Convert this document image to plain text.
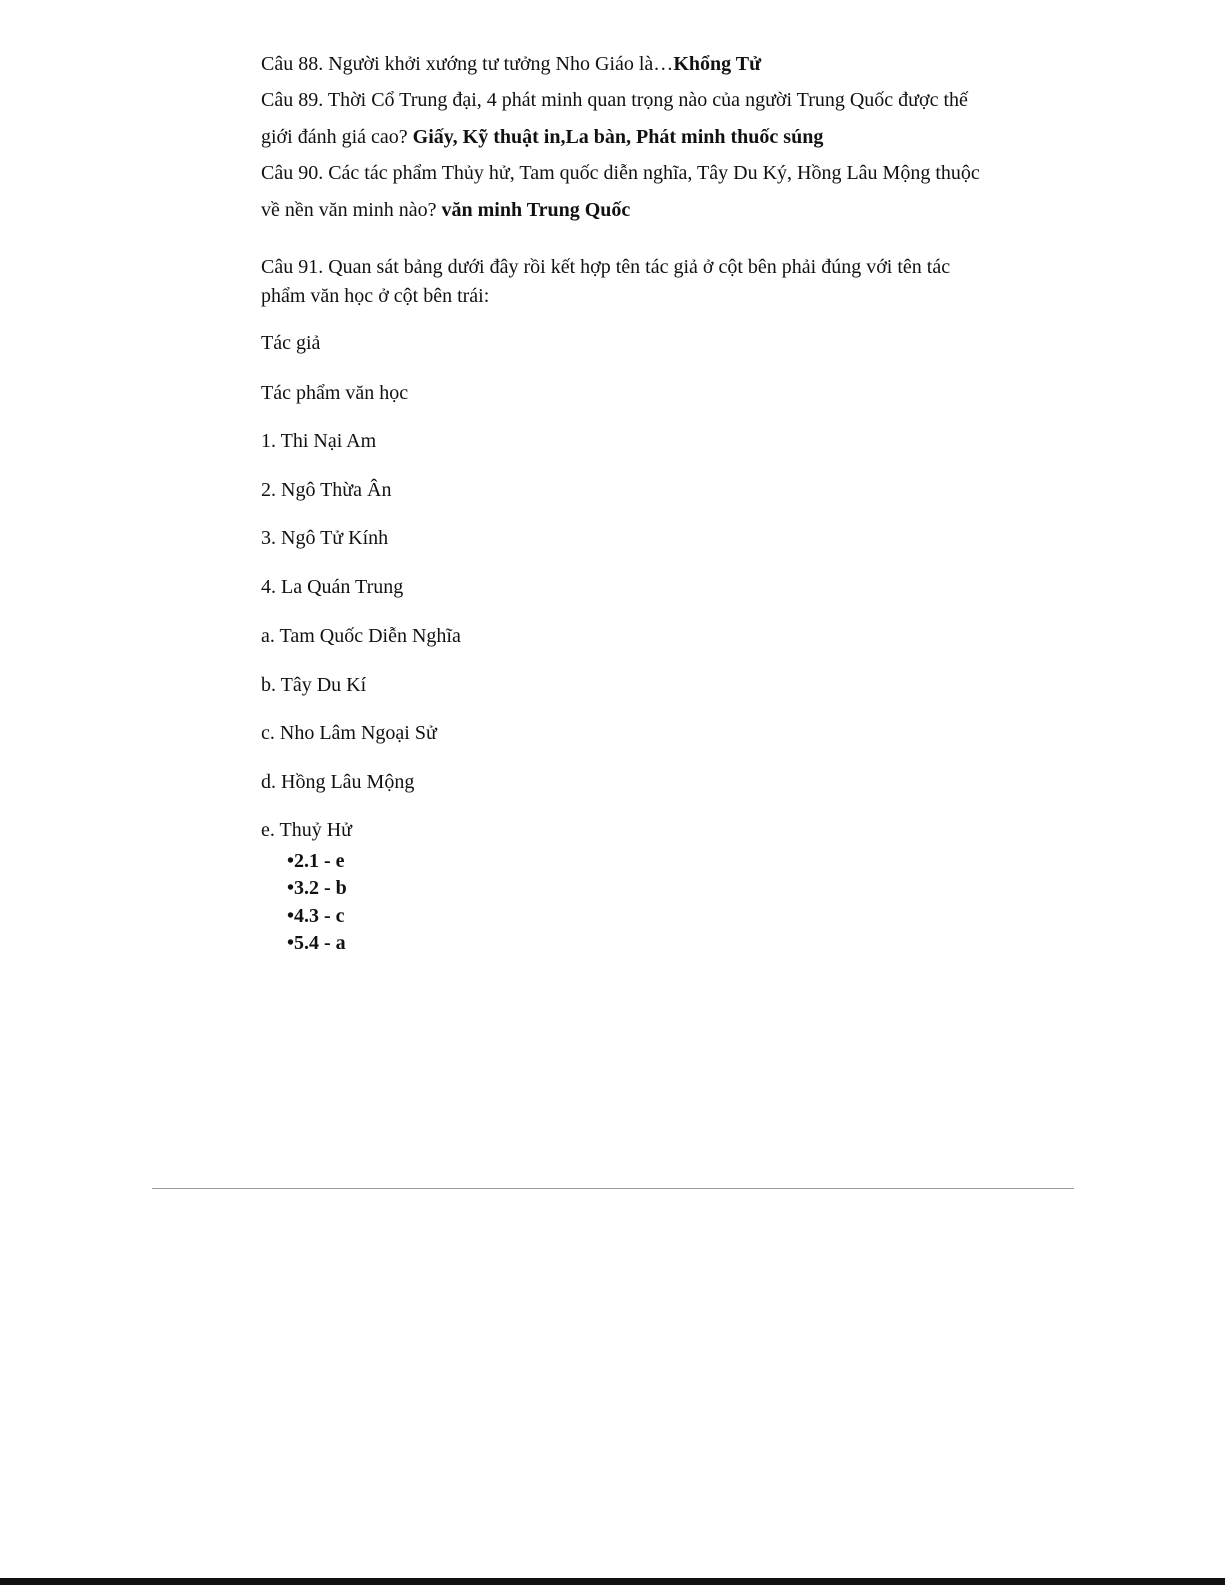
Câu 88. Người khởi xướng tư tưởng Nho Giáo là…Khổng Tử
Câu 89. Thời Cổ Trung đại, 4 phát minh quan trọng nào của người Trung Quốc được thế
giới đánh giá cao? Giấy, Kỹ thuật in,La bàn, Phát minh thuốc súng
Câu 90. Các tác phẩm Thủy hử, Tam quốc diễn nghĩa, Tây Du Ký, Hồng Lâu Mộng thuộc
về nền văn minh nào? văn minh Trung Quốc
Câu 91. Quan sát bảng dưới đây rồi kết hợp tên tác giả ở cột bên phải đúng với tên tác
phẩm văn học ở cột bên trái:
Tác giả
Tác phẩm văn học
1. Thi Nại Am
2. Ngô Thừa Ân
3. Ngô Tử Kính
4. La Quán Trung
a. Tam Quốc Diễn Nghĩa
b. Tây Du Kí
c. Nho Lâm Ngoại Sử
d. Hồng Lâu Mộng
e. Thuỷ Hử
•2.1 - e
•3.2 - b
•4.3 - c
•5.4 - a
